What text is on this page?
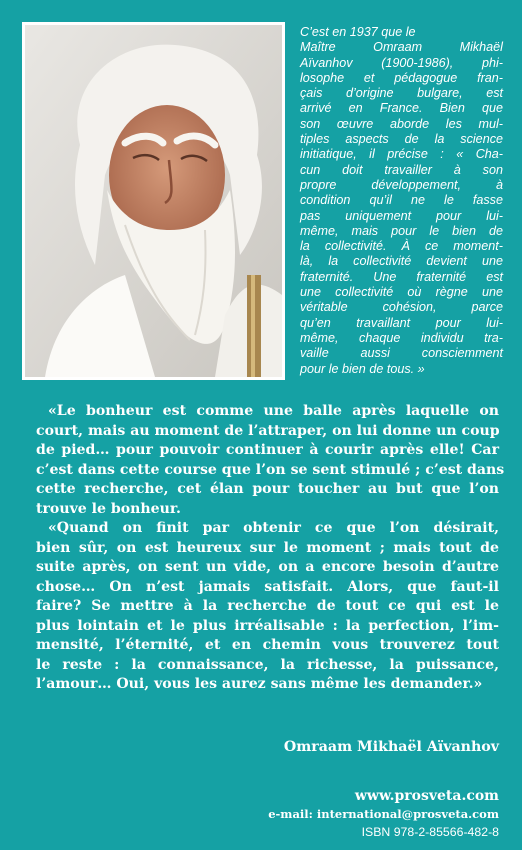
C’est en 1937 que le
Maître Omraam Mikhaël
Aïvanhov (1900-1986), phi-
losophe et pédagogue fran-
çais d’origine bulgare, est
arrivé en France. Bien que
son œuvre aborde les mul-
tiples aspects de la science
initiatique, il précise : « Cha-
cun doit travailler à son
propre développement, à
condition qu’il ne le fasse
pas uniquement pour lui-
même, mais pour le bien de
la collectivité. À ce moment-
là, la collectivité devient une
fraternité. Une fraternité est
une collectivité où règne une
véritable cohésion, parce
qu’en travaillant pour lui-
même, chaque individu tra-
vaille aussi consciemment
pour le bien de tous. »

«Le bonheur est comme une balle après laquelle on
court, mais au moment de l’attraper, on lui donne un coup
de pied… pour pouvoir continuer à courir après elle! Car
c’est dans cette course que l’on se sent stimulé ; c’est dans
cette recherche, cet élan pour toucher au but que l’on
trouve le bonheur.
«Quand on finit par obtenir ce que l’on désirait,
bien sûr, on est heureux sur le moment ; mais tout de
suite après, on sent un vide, on a encore besoin d’autre
chose… On n’est jamais satisfait. Alors, que faut-il
faire? Se mettre à la recherche de tout ce qui est le
plus lointain et le plus irréalisable : la perfection, l’im-
mensité, l’éternité, et en chemin vous trouverez tout
le reste : la connaissance, la richesse, la puissance,
l’amour… Oui, vous les aurez sans même les demander.»

Omraam Mikhaël Aïvanhov

www.prosveta.com
e-mail: international@prosveta.com
ISBN 978-2-85566-482-8
